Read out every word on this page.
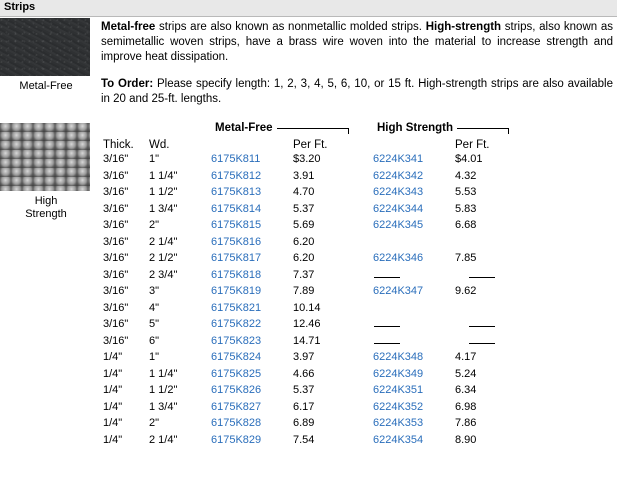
Strips
Metal-Free
High
Strength

Metal-free strips are also known as nonmetallic molded strips. High-strength strips, also known as semimetallic woven strips, have a brass wire woven into the material to increase strength and improve heat dissipation.

To Order: Please specify length: 1, 2, 3, 4, 5, 6, 10, or 15 ft. High-strength strips are also available in 20 and 25-ft. lengths.

		Metal-Free			High Strength	

Thick.	Wd.		Per Ft.			Per Ft.
3/16"	1"	6175K811	$3.20		6224K341	$4.01
3/16"	1 1/4"	6175K812	3.91		6224K342	4.32
3/16"	1 1/2"	6175K813	4.70		6224K343	5.53
3/16"	1 3/4"	6175K814	5.37		6224K344	5.83
3/16"	2"	6175K815	5.69		6224K345	6.68
3/16"	2 1/4"	6175K816	6.20			
3/16"	2 1/2"	6175K817	6.20		6224K346	7.85
3/16"	2 3/4"	6175K818	7.37			
3/16"	3"	6175K819	7.89		6224K347	9.62
3/16"	4"	6175K821	10.14			
3/16"	5"	6175K822	12.46			
3/16"	6"	6175K823	14.71			
1/4"	1"	6175K824	3.97		6224K348	4.17
1/4"	1 1/4"	6175K825	4.66		6224K349	5.24
1/4"	1 1/2"	6175K826	5.37		6224K351	6.34
1/4"	1 3/4"	6175K827	6.17		6224K352	6.98
1/4"	2"	6175K828	6.89		6224K353	7.86
1/4"	2 1/4"	6175K829	7.54		6224K354	8.90
